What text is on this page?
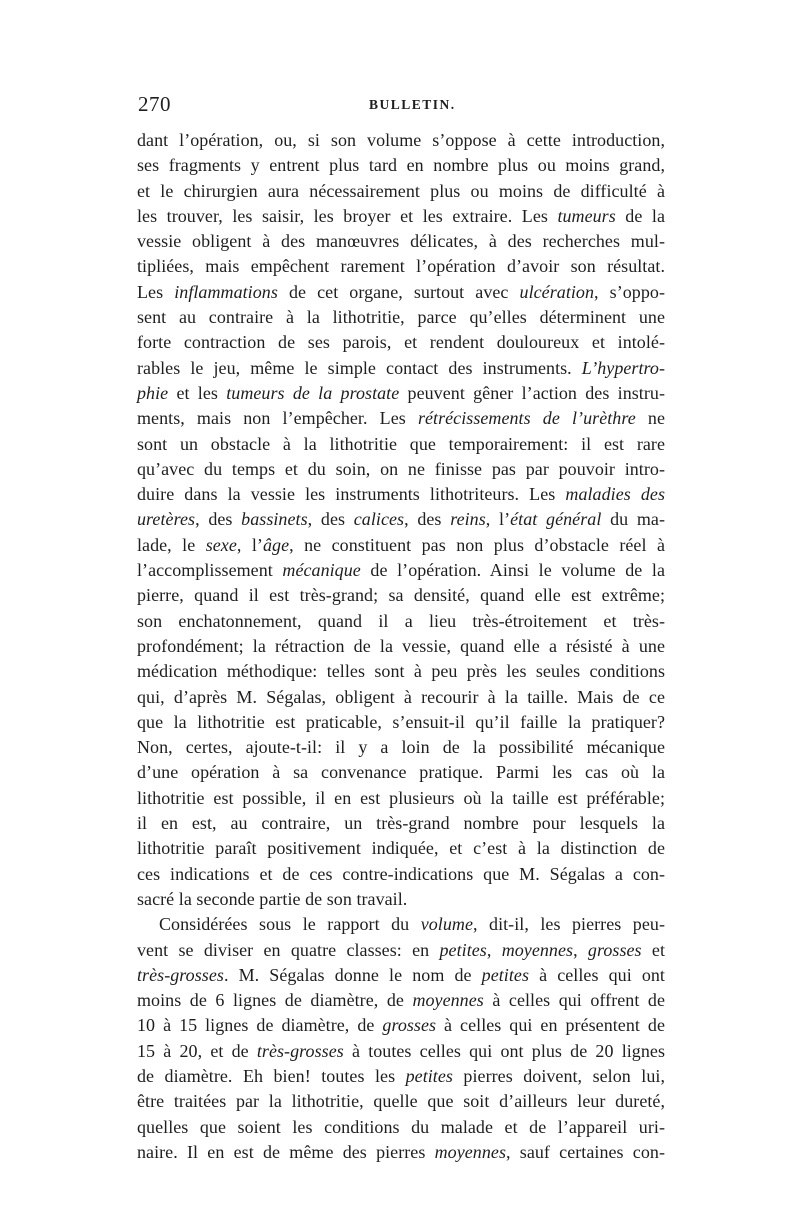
270	BULLETIN.
dant l’opération, ou, si son volume s’oppose à cette introduction,
ses fragments y entrent plus tard en nombre plus ou moins grand,
et le chirurgien aura nécessairement plus ou moins de difficulté à
les trouver, les saisir, les broyer et les extraire. Les tumeurs de la
vessie obligent à des manœuvres délicates, à des recherches mul-
tipliées, mais empêchent rarement l’opération d’avoir son résultat.
Les inflammations de cet organe, surtout avec ulcération, s’oppo-
sent au contraire à la lithotritie, parce qu’elles déterminent une
forte contraction de ses parois, et rendent douloureux et intolé-
rables le jeu, même le simple contact des instruments. L’hypertro-
phie et les tumeurs de la prostate peuvent gêner l’action des instru-
ments, mais non l’empêcher. Les rétrécissements de l’urèthre ne
sont un obstacle à la lithotritie que temporairement: il est rare
qu’avec du temps et du soin, on ne finisse pas par pouvoir intro-
duire dans la vessie les instruments lithotriteurs. Les maladies des
uretères, des bassinets, des calices, des reins, l’état général du ma-
lade, le sexe, l’âge, ne constituent pas non plus d’obstacle réel à
l’accomplissement mécanique de l’opération. Ainsi le volume de la
pierre, quand il est très-grand; sa densité, quand elle est extrême;
son enchatonnement, quand il a lieu très-étroitement et très-
profondément; la rétraction de la vessie, quand elle a résisté à une
médication méthodique: telles sont à peu près les seules conditions
qui, d’après M. Ségalas, obligent à recourir à la taille. Mais de ce
que la lithotritie est praticable, s’ensuit-il qu’il faille la pratiquer?
Non, certes, ajoute-t-il: il y a loin de la possibilité mécanique
d’une opération à sa convenance pratique. Parmi les cas où la
lithotritie est possible, il en est plusieurs où la taille est préférable;
il en est, au contraire, un très-grand nombre pour lesquels la
lithotritie paraît positivement indiquée, et c’est à la distinction de
ces indications et de ces contre-indications que M. Ségalas a con-
sacré la seconde partie de son travail.
Considérées sous le rapport du volume, dit-il, les pierres peu-
vent se diviser en quatre classes: en petites, moyennes, grosses et
très-grosses. M. Ségalas donne le nom de petites à celles qui ont
moins de 6 lignes de diamètre, de moyennes à celles qui offrent de
10 à 15 lignes de diamètre, de grosses à celles qui en présentent de
15 à 20, et de très-grosses à toutes celles qui ont plus de 20 lignes
de diamètre. Eh bien! toutes les petites pierres doivent, selon lui,
être traitées par la lithotritie, quelle que soit d’ailleurs leur dureté,
quelles que soient les conditions du malade et de l’appareil uri-
naire. Il en est de même des pierres moyennes, sauf certaines con-
